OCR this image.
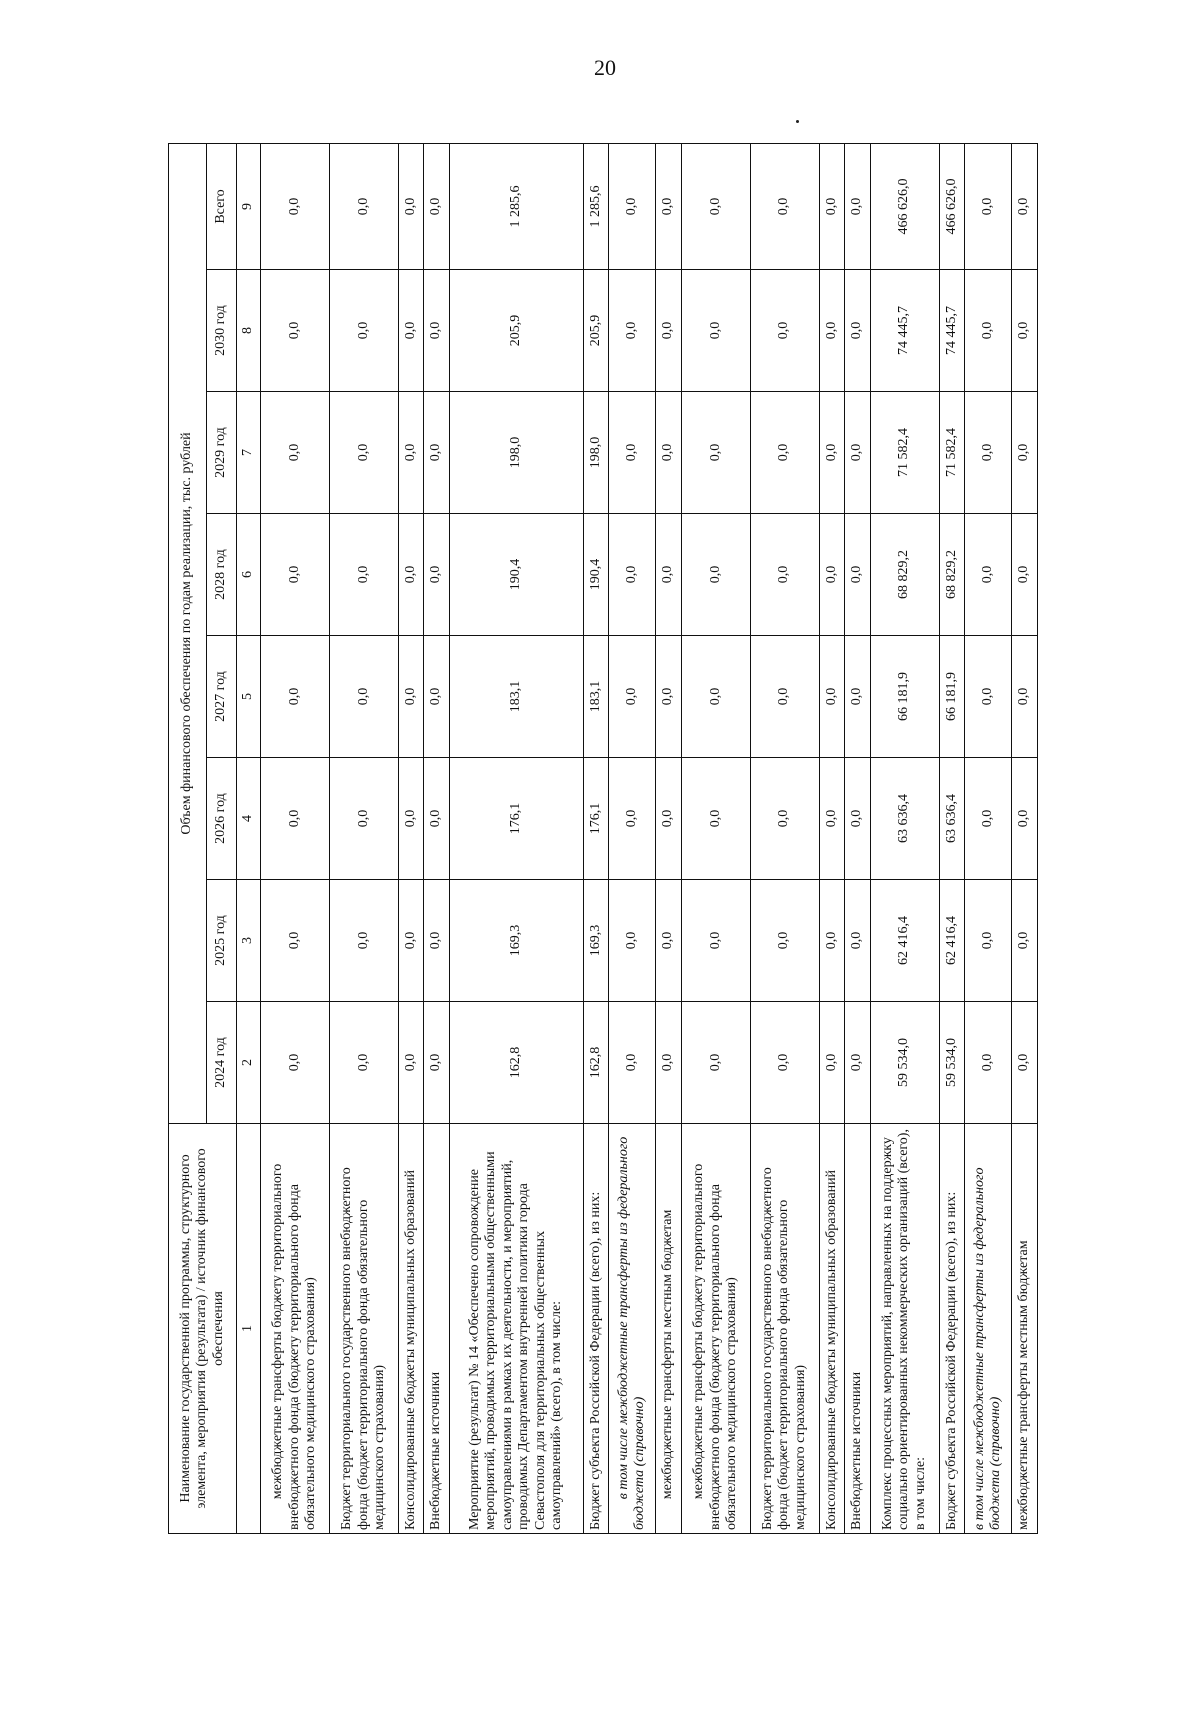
20
Наименование государственной программы, структурного элемента, мероприятия (результата) / источник финансового обеспечения	Объем финансового обеспечения по годам реализации, тыс. рублей							
	2024 год	2025 год	2026 год	2027 год	2028 год	2029 год	2030 год	Всего
1	2	3	4	5	6	7	8	9
межбюджетные трансферты бюджету территориального внебюджетного фонда (бюджету территориального фонда обязательного медицинского страхования)	0,0	0,0	0,0	0,0	0,0	0,0	0,0	0,0
Бюджет территориального государственного внебюджетного фонда (бюджет территориального фонда обязательного медицинского страхования)	0,0	0,0	0,0	0,0	0,0	0,0	0,0	0,0
Консолидированные бюджеты муниципальных образований	0,0	0,0	0,0	0,0	0,0	0,0	0,0	0,0
Внебюджетные источники	0,0	0,0	0,0	0,0	0,0	0,0	0,0	0,0
Мероприятие (результат) № 14 «Обеспечено сопровождение мероприятий, проводимых территориальными общественными самоуправлениями в рамках их деятельности, и мероприятий, проводимых Департаментом внутренней политики города Севастополя для территориальных общественных самоуправлений» (всего), в том числе:	162,8	169,3	176,1	183,1	190,4	198,0	205,9	1 285,6
Бюджет субъекта Российской Федерации (всего), из них:	162,8	169,3	176,1	183,1	190,4	198,0	205,9	1 285,6
в том числе межбюджетные трансферты из федерального бюджета (справочно)	0,0	0,0	0,0	0,0	0,0	0,0	0,0	0,0
межбюджетные трансферты местным бюджетам	0,0	0,0	0,0	0,0	0,0	0,0	0,0	0,0
межбюджетные трансферты бюджету территориального внебюджетного фонда (бюджету территориального фонда обязательного медицинского страхования)	0,0	0,0	0,0	0,0	0,0	0,0	0,0	0,0
Бюджет территориального государственного внебюджетного фонда (бюджет территориального фонда обязательного медицинского страхования)	0,0	0,0	0,0	0,0	0,0	0,0	0,0	0,0
Консолидированные бюджеты муниципальных образований	0,0	0,0	0,0	0,0	0,0	0,0	0,0	0,0
Внебюджетные источники	0,0	0,0	0,0	0,0	0,0	0,0	0,0	0,0
Комплекс процессных мероприятий, направленных на поддержку социально ориентированных некоммерческих организаций (всего), в том числе:	59 534,0	62 416,4	63 636,4	66 181,9	68 829,2	71 582,4	74 445,7	466 626,0
Бюджет субъекта Российской Федерации (всего), из них:	59 534,0	62 416,4	63 636,4	66 181,9	68 829,2	71 582,4	74 445,7	466 626,0
в том числе межбюджетные трансферты из федерального бюджета (справочно)	0,0	0,0	0,0	0,0	0,0	0,0	0,0	0,0
межбюджетные трансферты местным бюджетам	0,0	0,0	0,0	0,0	0,0	0,0	0,0	0,0
